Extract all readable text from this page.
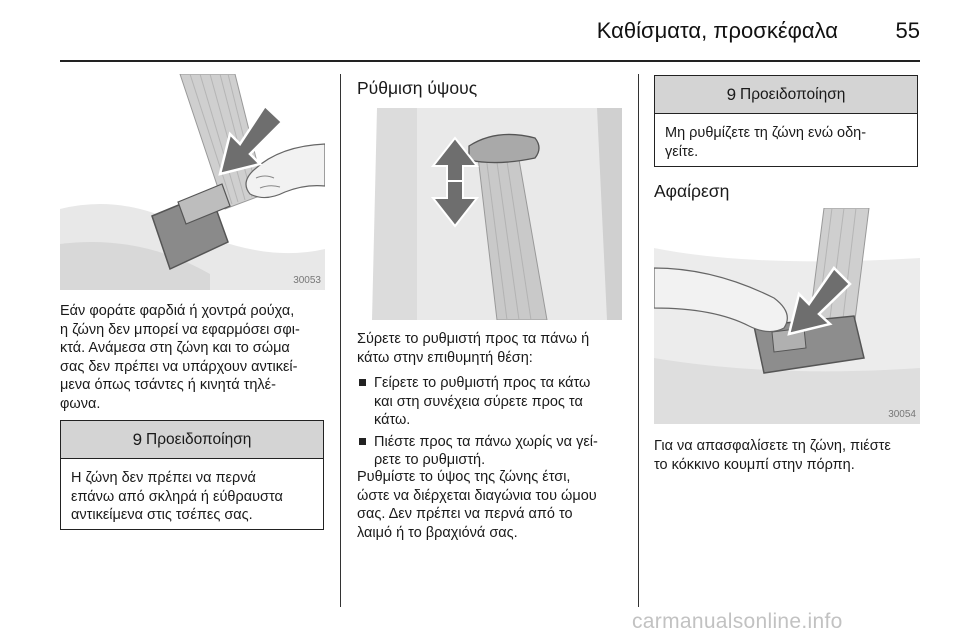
Καθίσματα, προσκέφαλα	55
30053
Εάν φοράτε φαρδιά ή χοντρά ρούχα,
η ζώνη δεν μπορεί να εφαρμόσει σφι-
κτά. Ανάμεσα στη ζώνη και το σώμα
σας δεν πρέπει να υπάρχουν αντικεί-
μενα όπως τσάντες ή κινητά τηλέ-
φωνα.
9 Προειδοποίηση
Η ζώνη δεν πρέπει να περνά
επάνω από σκληρά ή εύθραυστα
αντικείμενα στις τσέπες σας.
Ρύθμιση ύψους
Σύρετε το ρυθμιστή προς τα πάνω ή
κάτω στην επιθυμητή θέση:
Γείρετε το ρυθμιστή προς τα κάτω
και στη συνέχεια σύρετε προς τα
κάτω.
Πιέστε προς τα πάνω χωρίς να γεί-
ρετε το ρυθμιστή.
Ρυθμίστε το ύψος της ζώνης έτσι,
ώστε να διέρχεται διαγώνια του ώμου
σας. Δεν πρέπει να περνά από το
λαιμό ή το βραχιόνά σας.
9 Προειδοποίηση
Μη ρυθμίζετε τη ζώνη ενώ οδη-
γείτε.
Αφαίρεση
30054
Για να απασφαλίσετε τη ζώνη, πιέστε
το κόκκινο κουμπί στην πόρπη.
carmanualsonline.info
